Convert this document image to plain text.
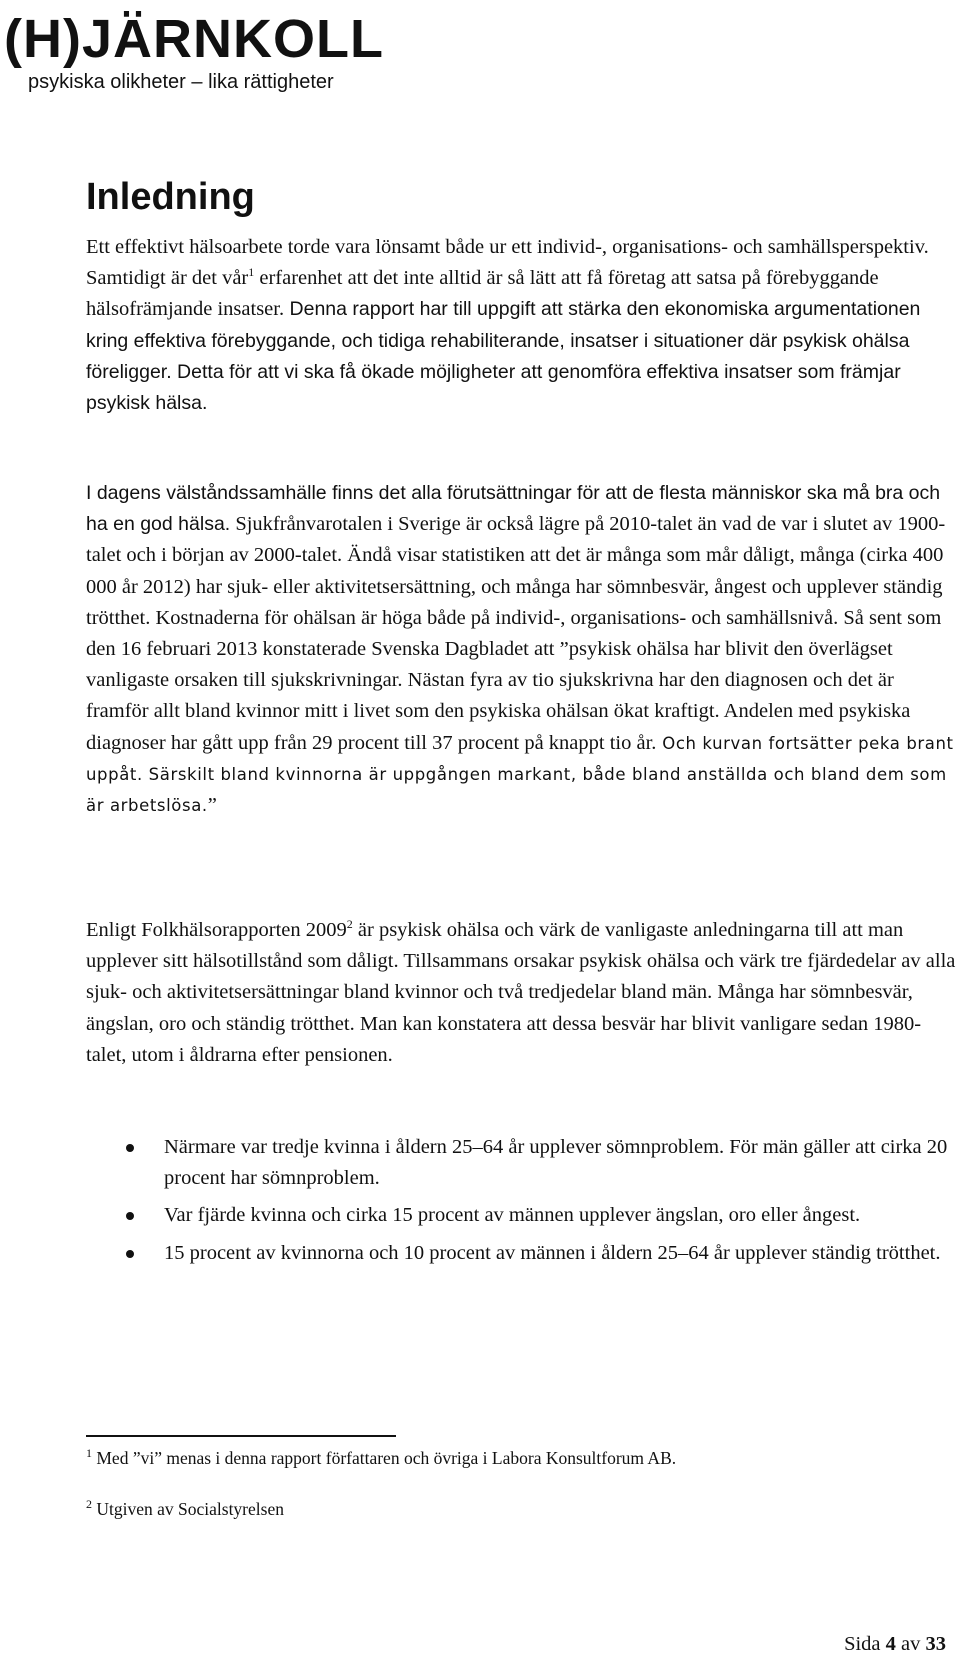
(H)JÄRNKOLL
psykiska olikheter – lika rättigheter
Inledning

Ett effektivt hälsoarbete torde vara lönsamt både ur ett individ-, organisations- och samhällsperspektiv. Samtidigt är det vår$^1$ erfarenhet att det inte alltid är så lätt att få företag att satsa på förebyggande hälsofrämjande insatser. Denna rapport har till uppgift att stärka den ekonomiska argumentationen kring effektiva förebyggande, och tidiga rehabiliterande, insatser i situationer där psykisk ohälsa föreligger. Detta för att vi ska få ökade möjligheter att genomföra effektiva insatser som främjar psykisk hälsa.

I dagens välståndssamhälle finns det alla förutsättningar för att de flesta människor ska må bra och ha en god hälsa. Sjukfrånvarotalen i Sverige är också lägre på 2010-talet än vad de var i slutet av 1900-talet och i början av 2000-talet. Ändå visar statistiken att det är många som mår dåligt, många (cirka 400 000 år 2012) har sjuk- eller aktivitetsersättning, och många har sömnbesvär, ångest och upplever ständig trötthet. Kostnaderna för ohälsan är höga både på individ-, organisations- och samhällsnivå. Så sent som den 16 februari 2013 konstaterade Svenska Dagbladet att ”psykisk ohälsa har blivit den överlägset vanligaste orsaken till sjukskrivningar. Nästan fyra av tio sjukskrivna har den diagnosen och det är framför allt bland kvinnor mitt i livet som den psykiska ohälsan ökat kraftigt. Andelen med psykiska diagnoser har gått upp från 29 procent till 37 procent på knappt tio år. Och kurvan fortsätter peka brant uppåt. Särskilt bland kvinnorna är uppgången markant, både bland anställda och bland dem som är arbetslösa.”

Enligt Folkhälsorapporten 2009$^2$ är psykisk ohälsa och värk de vanligaste anledningarna till att man upplever sitt hälsotillstånd som dåligt. Tillsammans orsakar psykisk ohälsa och värk tre fjärdedelar av alla sjuk- och aktivitetsersättningar bland kvinnor och två tredjedelar bland män. Många har sömnbesvär, ängslan, oro och ständig trötthet. Man kan konstatera att dessa besvär har blivit vanligare sedan 1980-talet, utom i åldrarna efter pensionen.

Närmare var tredje kvinna i åldern 25–64 år upplever sömnproblem. För män gäller att cirka 20 procent har sömnproblem.
Var fjärde kvinna och cirka 15 procent av männen upplever ängslan, oro eller ångest.
15 procent av kvinnorna och 10 procent av männen i åldern 25–64 år upplever ständig trötthet.
$^1$ Med ”vi” menas i denna rapport författaren och övriga i Labora Konsultforum AB.
$^2$ Utgiven av Socialstyrelsen
Sida 4 av 33
